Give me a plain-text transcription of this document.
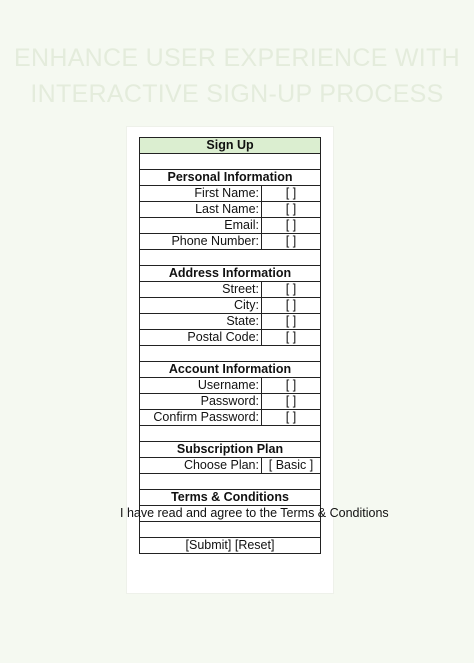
ENHANCE USER EXPERIENCE WITH
INTERACTIVE SIGN-UP PROCESS
Sign Up	

Personal Information	
First Name:	[ ]
Last Name:	[ ]
Email:	[ ]
Phone Number:	[ ]

Address Information	
Street:	[ ]
City:	[ ]
State:	[ ]
Postal Code:	[ ]

Account Information	
Username:	[ ]
Password:	[ ]
Confirm Password:	[ ]

Subscription Plan	
Choose Plan:	[ Basic ]

Terms & Conditions	
I have read and agree to the Terms & Conditions	

[Submit] [Reset]	
